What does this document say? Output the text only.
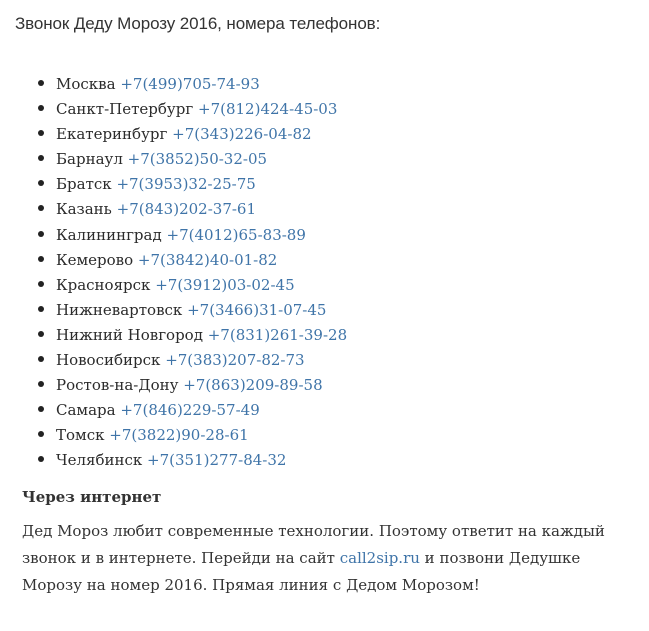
Звонок Деду Морозу 2016, номера телефонов:
Москва +7(499)705-74-93
Санкт-Петербург +7(812)424-45-03
Екатеринбург +7(343)226-04-82
Барнаул +7(3852)50-32-05
Братск +7(3953)32-25-75
Казань +7(843)202-37-61
Калининград +7(4012)65-83-89
Кемерово +7(3842)40-01-82
Красноярск +7(3912)03-02-45
Нижневартовск +7(3466)31-07-45
Нижний Новгород +7(831)261-39-28
Новосибирск +7(383)207-82-73
Ростов-на-Дону +7(863)209-89-58
Самара +7(846)229-57-49
Томск +7(3822)90-28-61
Челябинск +7(351)277-84-32
Через интернет

Дед Мороз любит современные технологии. Поэтому ответит на каждый звонок и в интернете. Перейди на сайт call2sip.ru и позвони Дедушке Морозу на номер 2016. Прямая линия с Дедом Морозом!
